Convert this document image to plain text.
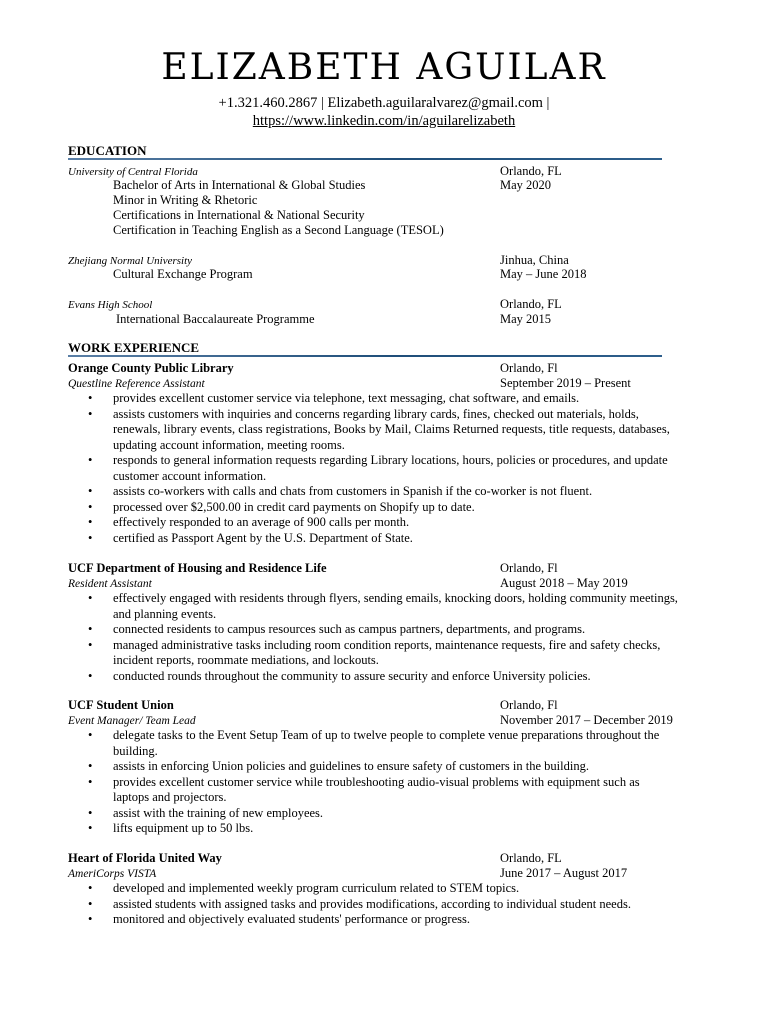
ELIZABETH AGUILAR
+1.321.460.2867 | Elizabeth.aguilaralvarez@gmail.com |
https://www.linkedin.com/in/aguilarelizabeth
EDUCATION
University of Central Florida	Orlando, FL
Bachelor of Arts in International & Global Studies	May 2020
Minor in Writing & Rhetoric
Certifications in International & National Security
Certification in Teaching English as a Second Language (TESOL)
Zhejiang Normal University	Jinhua, China
Cultural Exchange Program	May – June 2018
Evans High School	Orlando, FL
International Baccalaureate Programme	May 2015
WORK EXPERIENCE
Orange County Public Library	Orlando, Fl
Questline Reference Assistant	September 2019 – Present
• provides excellent customer service via telephone, text messaging, chat software, and emails.
• assists customers with inquiries and concerns regarding library cards, fines, checked out materials, holds, renewals, library events, class registrations, Books by Mail, Claims Returned requests, title requests, databases, updating account information, meeting rooms.
• responds to general information requests regarding Library locations, hours, policies or procedures, and update customer account information.
• assists co-workers with calls and chats from customers in Spanish if the co-worker is not fluent.
• processed over $2,500.00 in credit card payments on Shopify up to date.
• effectively responded to an average of 900 calls per month.
• certified as Passport Agent by the U.S. Department of State.
UCF Department of Housing and Residence Life	Orlando, Fl
Resident Assistant	August 2018 – May 2019
• effectively engaged with residents through flyers, sending emails, knocking doors, holding community meetings, and planning events.
• connected residents to campus resources such as campus partners, departments, and programs.
• managed administrative tasks including room condition reports, maintenance requests, fire and safety checks, incident reports, roommate mediations, and lockouts.
• conducted rounds throughout the community to assure security and enforce University policies.
UCF Student Union	Orlando, Fl
Event Manager/ Team Lead	November 2017 – December 2019
• delegate tasks to the Event Setup Team of up to twelve people to complete venue preparations throughout the building.
• assists in enforcing Union policies and guidelines to ensure safety of customers in the building.
• provides excellent customer service while troubleshooting audio-visual problems with equipment such as laptops and projectors.
• assist with the training of new employees.
• lifts equipment up to 50 lbs.
Heart of Florida United Way	Orlando, FL
AmeriCorps VISTA	June 2017 – August 2017
• developed and implemented weekly program curriculum related to STEM topics.
• assisted students with assigned tasks and provides modifications, according to individual student needs.
• monitored and objectively evaluated students' performance or progress.
